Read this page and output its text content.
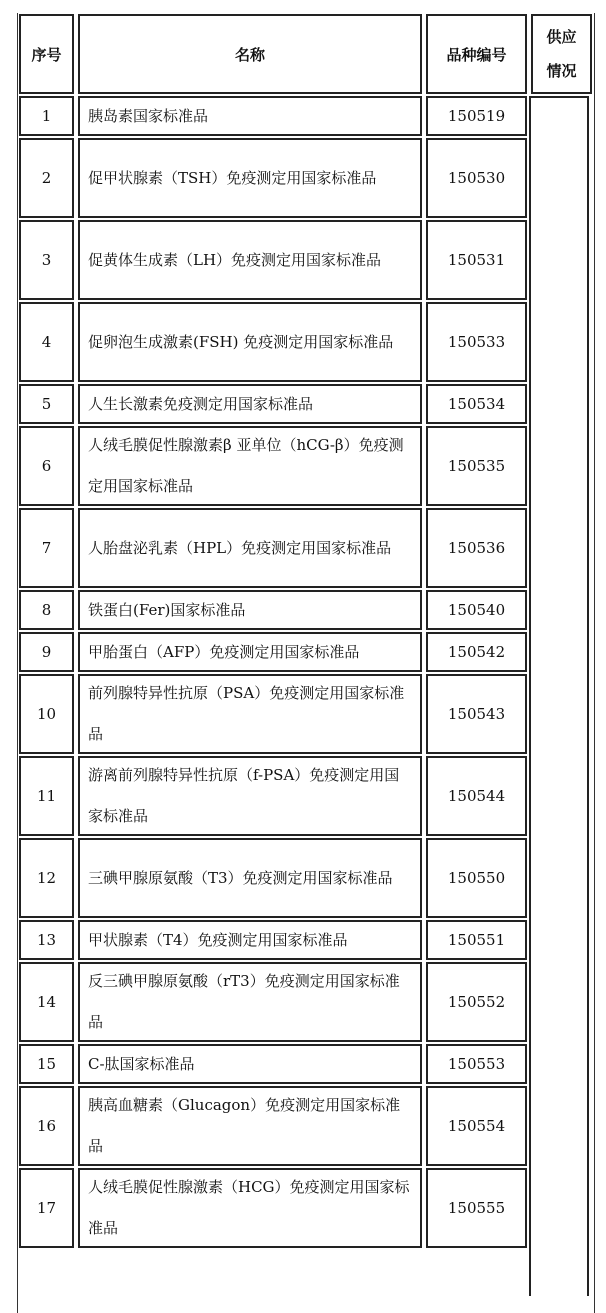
序号	名称	品种编号	供应
情况

1	胰岛素国家标准品	150519	

2	促甲状腺素（TSH）免疫测定用国家标准品	150530	

3	促黄体生成素（LH）免疫测定用国家标准品	150531	

4	促卵泡生成激素(FSH) 免疫测定用国家标准品	150533	

5	人生长激素免疫测定用国家标准品	150534	

6	人绒毛膜促性腺激素β 亚单位（hCG-β）免疫测定用国家标准品	150535	

7	人胎盘泌乳素（HPL）免疫测定用国家标准品	150536	

8	铁蛋白(Fer)国家标准品	150540	

9	甲胎蛋白（AFP）免疫测定用国家标准品	150542	

10	前列腺特异性抗原（PSA）免疫测定用国家标准品	150543	

11	游离前列腺特异性抗原（f-PSA）免疫测定用国家标准品	150544	

12	三碘甲腺原氨酸（T3）免疫测定用国家标准品	150550	

13	甲状腺素（T4）免疫测定用国家标准品	150551	

14	反三碘甲腺原氨酸（rT3）免疫测定用国家标准品	150552	

15	C-肽国家标准品	150553	

16	胰高血糖素（Glucagon）免疫测定用国家标准品	150554	

17	人绒毛膜促性腺激素（HCG）免疫测定用国家标准品	150555	
